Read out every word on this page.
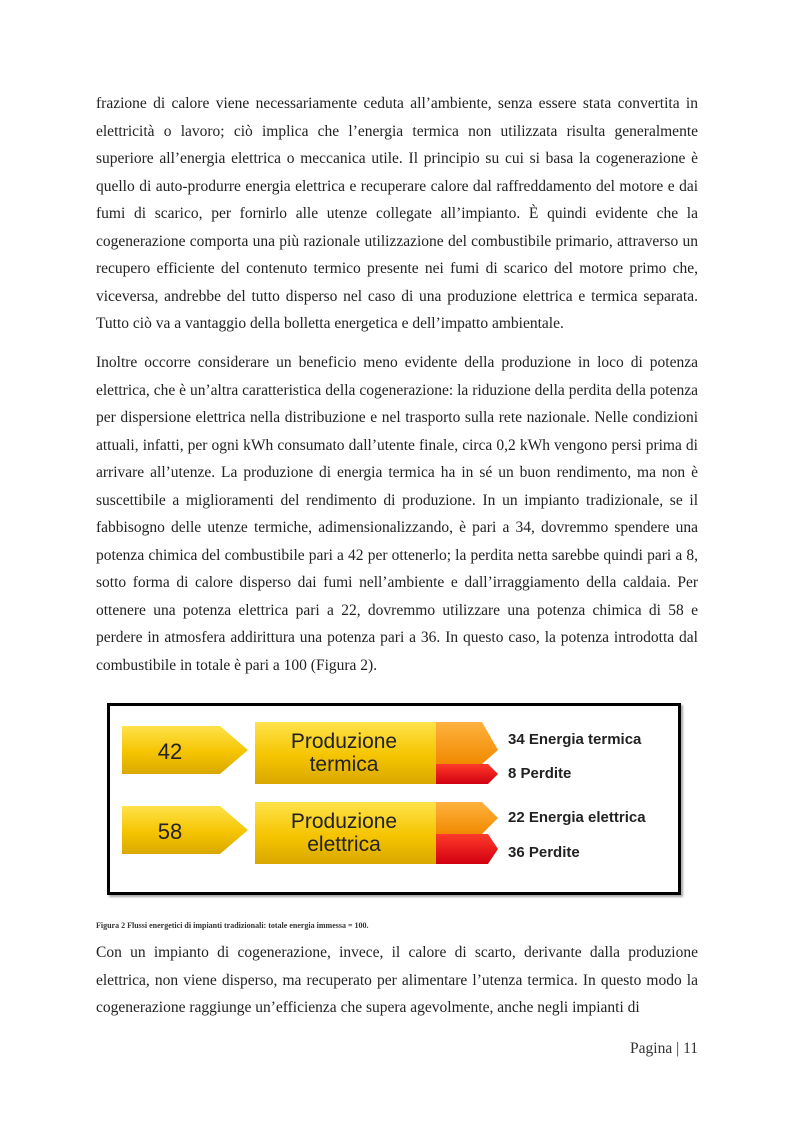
frazione di calore viene necessariamente ceduta all’ambiente, senza essere stata convertita in elettricità o lavoro; ciò implica che l’energia termica non utilizzata risulta generalmente superiore all’energia elettrica o meccanica utile. Il principio su cui si basa la cogenerazione è quello di auto-produrre energia elettrica e recuperare calore dal raffreddamento del motore e dai fumi di scarico, per fornirlo alle utenze collegate all’impianto. È quindi evidente che la cogenerazione comporta una più razionale utilizzazione del combustibile primario, attraverso un recupero efficiente del contenuto termico presente nei fumi di scarico del motore primo che, viceversa, andrebbe del tutto disperso nel caso di una produzione elettrica e termica separata. Tutto ciò va a vantaggio della bolletta energetica e dell’impatto ambientale.

Inoltre occorre considerare un beneficio meno evidente della produzione in loco di potenza elettrica, che è un’altra caratteristica della cogenerazione: la riduzione della perdita della potenza per dispersione elettrica nella distribuzione e nel trasporto sulla rete nazionale. Nelle condizioni attuali, infatti, per ogni kWh consumato dall’utente finale, circa 0,2 kWh vengono persi prima di arrivare all’utenze. La produzione di energia termica ha in sé un buon rendimento, ma non è suscettibile a miglioramenti del rendimento di produzione. In un impianto tradizionale, se il fabbisogno delle utenze termiche, adimensionalizzando, è pari a 34, dovremmo spendere una potenza chimica del combustibile pari a 42 per ottenerlo; la perdita netta sarebbe quindi pari a 8, sotto forma di calore disperso dai fumi nell’ambiente e dall’irraggiamento della caldaia. Per ottenere una potenza elettrica pari a 22, dovremmo utilizzare una potenza chimica di 58 e perdere in atmosfera addirittura una potenza pari a 36. In questo caso, la potenza introdotta dal combustibile in totale è pari a 100 (Figura 2).

42	Produzione
termica
34 Energia termica
8 Perdite
58	Produzione
elettrica
22 Energia elettrica
36 Perdite

Figura 2 Flussi energetici di impianti tradizionali: totale energia immessa = 100.

Con un impianto di cogenerazione, invece, il calore di scarto, derivante dalla produzione elettrica, non viene disperso, ma recuperato per alimentare l’utenza termica. In questo modo la cogenerazione raggiunge un’efficienza che supera agevolmente, anche negli impianti di

Pagina | 11
